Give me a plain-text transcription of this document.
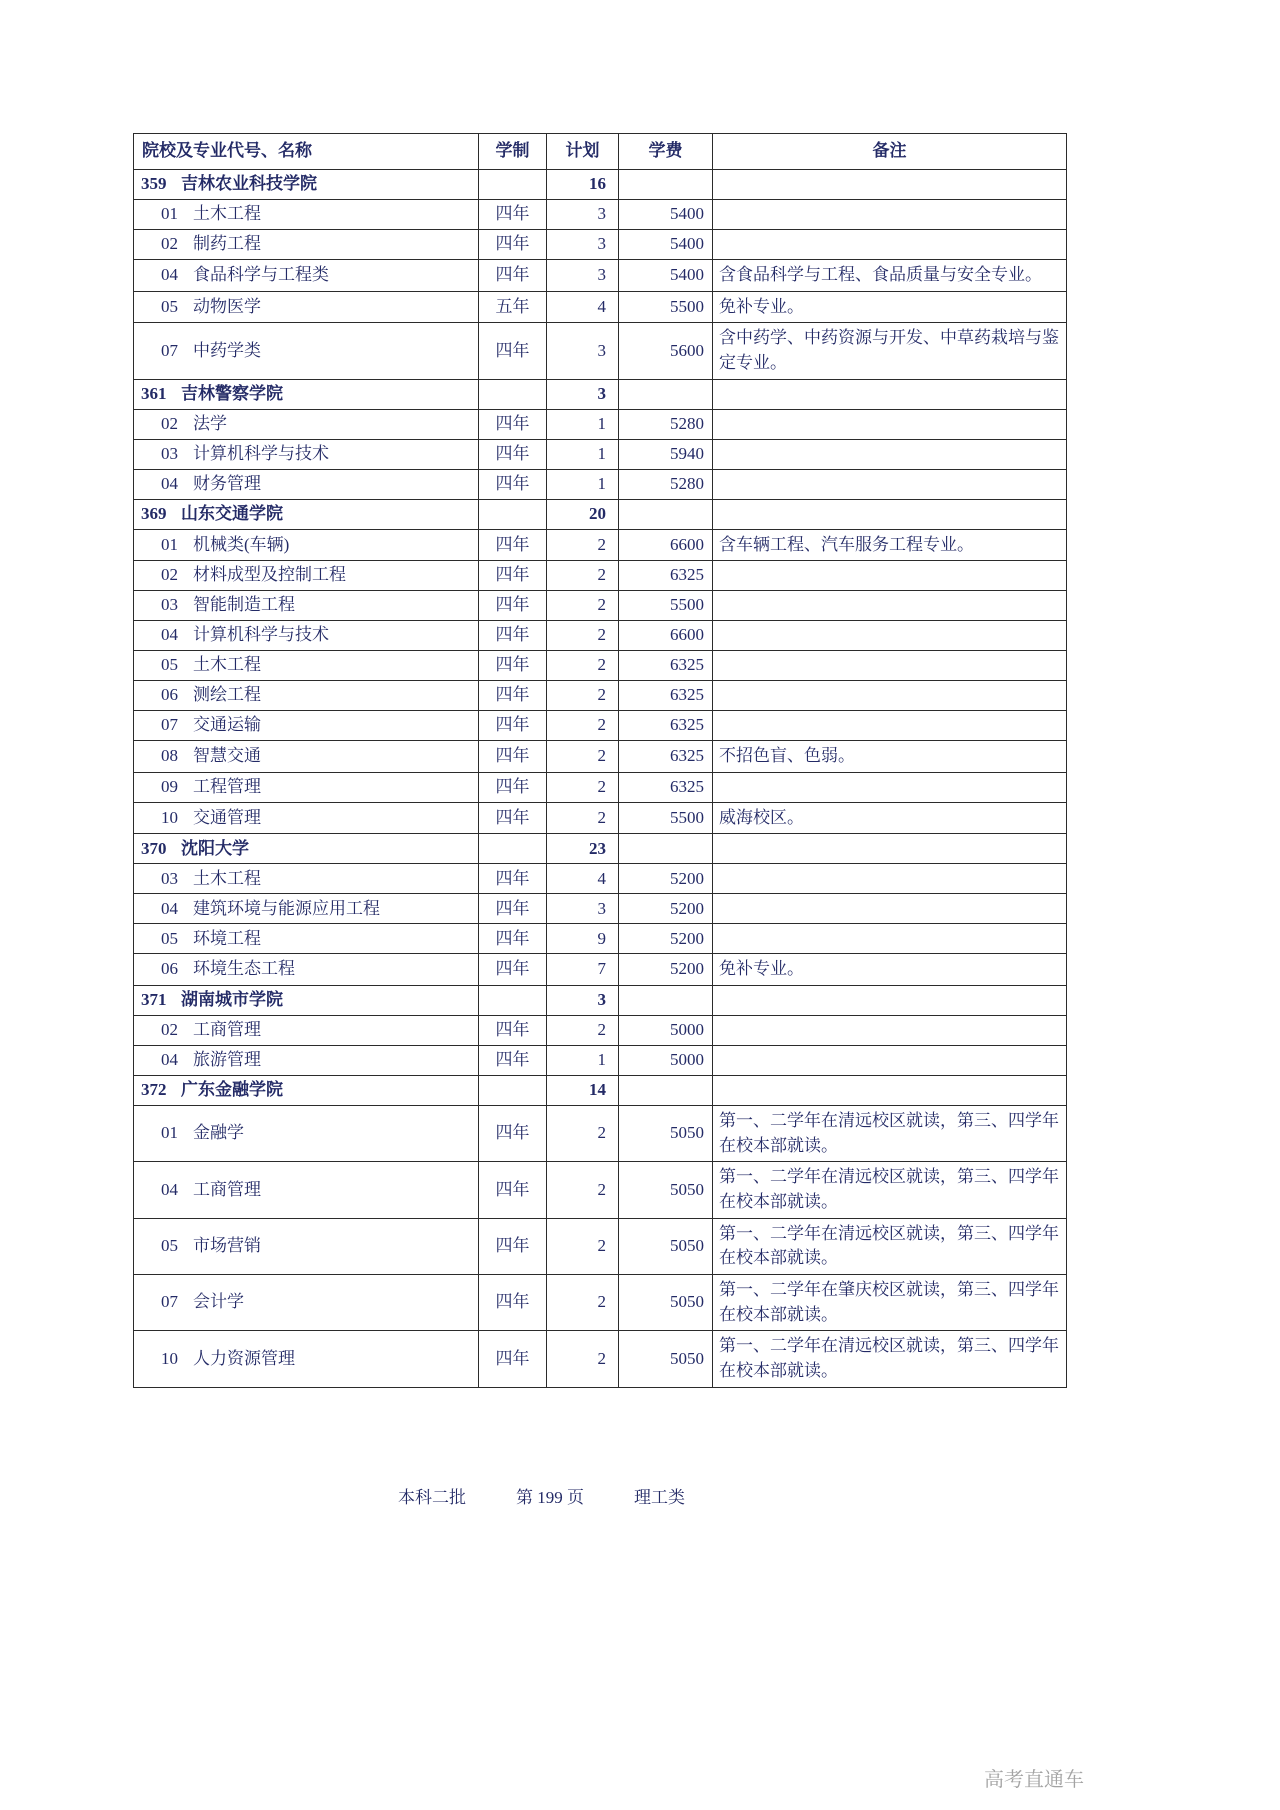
院校及专业代号、名称	学制	计划	学费	备注
359 吉林农业科技学院		16		
01 土木工程	四年	3	5400	
02 制药工程	四年	3	5400	
04 食品科学与工程类	四年	3	5400	含食品科学与工程、食品质量与安全专业。
05 动物医学	五年	4	5500	免补专业。
07 中药学类	四年	3	5600	含中药学、中药资源与开发、中草药栽培与鉴定专业。
361 吉林警察学院		3		
02 法学	四年	1	5280	
03 计算机科学与技术	四年	1	5940	
04 财务管理	四年	1	5280	
369 山东交通学院		20		
01 机械类(车辆)	四年	2	6600	含车辆工程、汽车服务工程专业。
02 材料成型及控制工程	四年	2	6325	
03 智能制造工程	四年	2	5500	
04 计算机科学与技术	四年	2	6600	
05 土木工程	四年	2	6325	
06 测绘工程	四年	2	6325	
07 交通运输	四年	2	6325	
08 智慧交通	四年	2	6325	不招色盲、色弱。
09 工程管理	四年	2	6325	
10 交通管理	四年	2	5500	威海校区。
370 沈阳大学		23		
03 土木工程	四年	4	5200	
04 建筑环境与能源应用工程	四年	3	5200	
05 环境工程	四年	9	5200	
06 环境生态工程	四年	7	5200	免补专业。
371 湖南城市学院		3		
02 工商管理	四年	2	5000	
04 旅游管理	四年	1	5000	
372 广东金融学院		14		
01 金融学	四年	2	5050	第一、二学年在清远校区就读，第三、四学年在校本部就读。
04 工商管理	四年	2	5050	第一、二学年在清远校区就读，第三、四学年在校本部就读。
05 市场营销	四年	2	5050	第一、二学年在清远校区就读，第三、四学年在校本部就读。
07 会计学	四年	2	5050	第一、二学年在肇庆校区就读，第三、四学年在校本部就读。
10 人力资源管理	四年	2	5050	第一、二学年在清远校区就读，第三、四学年在校本部就读。
本科二批	第 199 页	理工类
高考直通车
